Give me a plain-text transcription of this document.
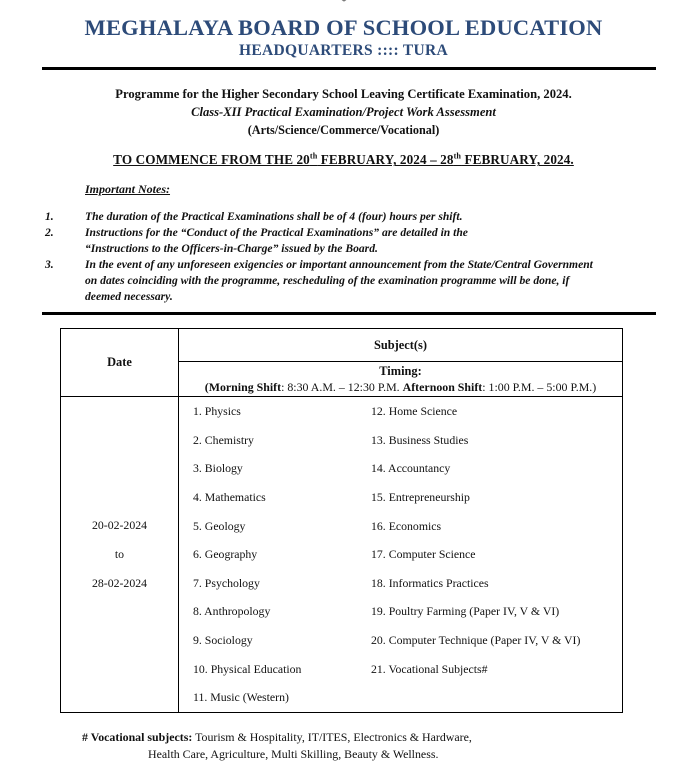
MEGHALAYA BOARD OF SCHOOL EDUCATION
HEADQUARTERS :::: TURA
Programme for the Higher Secondary School Leaving Certificate Examination, 2024.
Class-XII Practical Examination/Project Work Assessment
(Arts/Science/Commerce/Vocational)
TO COMMENCE FROM THE 20th FEBRUARY, 2024 – 28th FEBRUARY, 2024.
Important Notes:
1.	The duration of the Practical Examinations shall be of 4 (four) hours per shift.
2.	Instructions for the “Conduct of the Practical Examinations” are detailed in the
“Instructions to the Officers-in-Charge” issued by the Board.
3.	In the event of any unforeseen exigencies or important announcement from the State/Central Government
on dates coinciding with the programme, rescheduling of the examination programme will be done, if
deemed necessary.
Date	Subject(s)

	Timing:
(Morning Shift: 8:30 A.M. – 12:30 P.M. Afternoon Shift: 1:00 P.M. – 5:00 P.M.)

20-02-2024
to
28-02-2024

1. Physics
2. Chemistry
3. Biology
4. Mathematics
5. Geology
6. Geography
7. Psychology
8. Anthropology
9. Sociology
10. Physical Education
11. Music (Western)
12. Home Science
13. Business Studies
14. Accountancy
15. Entrepreneurship
16. Economics
17. Computer Science
18. Informatics Practices
19. Poultry Farming (Paper IV, V & VI)
20. Computer Technique (Paper IV, V & VI)
21. Vocational Subjects#
# Vocational subjects: Tourism & Hospitality, IT/ITES, Electronics & Hardware,
Health Care, Agriculture, Multi Skilling, Beauty & Wellness.
